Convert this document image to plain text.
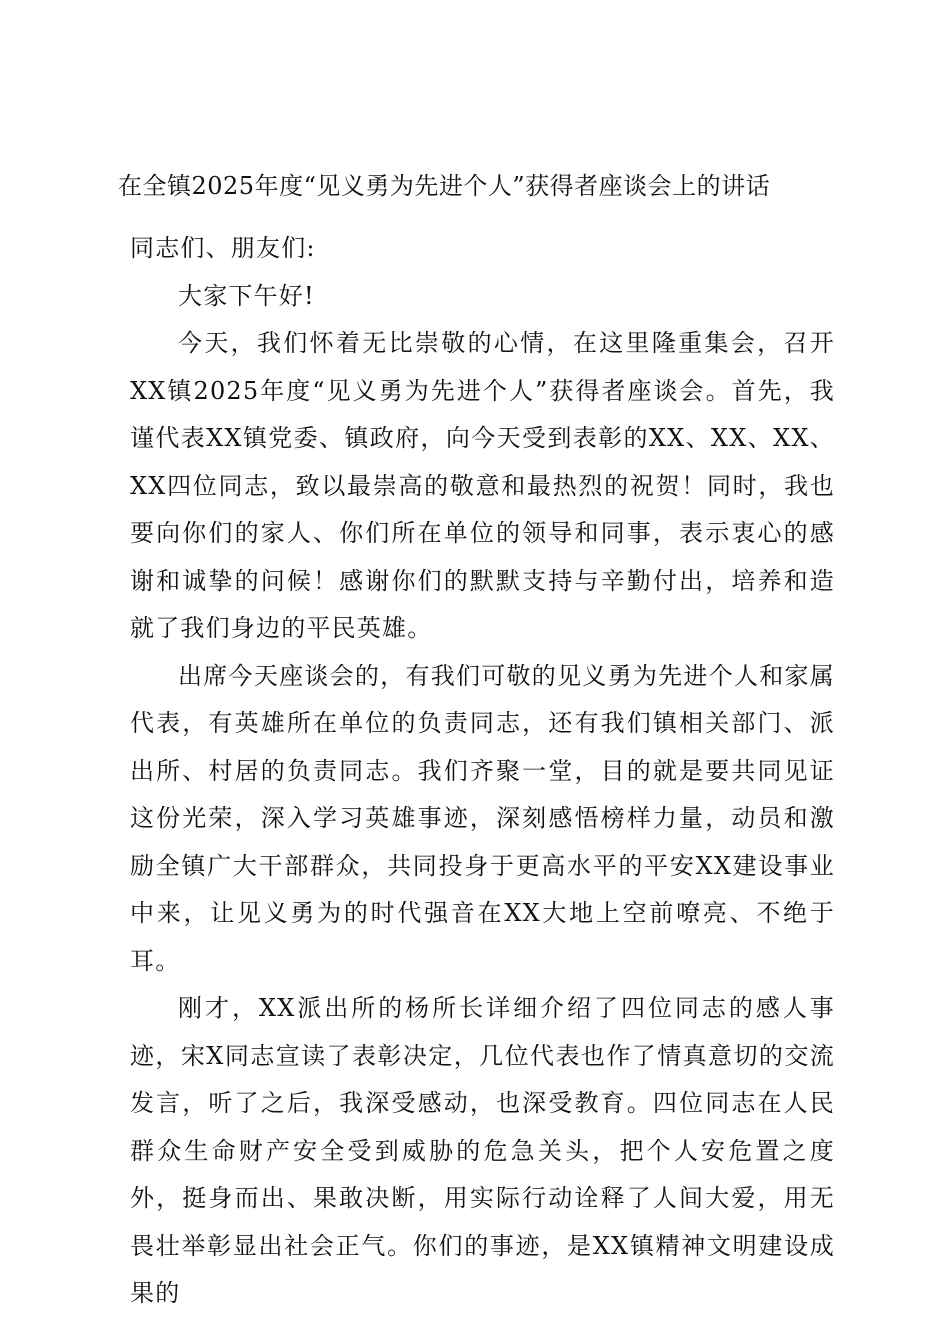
在全镇2025年度“见义勇为先进个人”获得者座谈会上的讲话

同志们、朋友们:

大家下午好!

今天，我们怀着无比崇敬的心情，在这里隆重集会，召开XX镇2025年度“见义勇为先进个人”获得者座谈会。首先，我谨代表XX镇党委、镇政府，向今天受到表彰的XX、XX、XX、XX四位同志，致以最崇高的敬意和最热烈的祝贺！同时，我也要向你们的家人、你们所在单位的领导和同事，表示衷心的感谢和诚挚的问候！感谢你们的默默支持与辛勤付出，培养和造就了我们身边的平民英雄。

出席今天座谈会的，有我们可敬的见义勇为先进个人和家属代表，有英雄所在单位的负责同志，还有我们镇相关部门、派出所、村居的负责同志。我们齐聚一堂，目的就是要共同见证这份光荣，深入学习英雄事迹，深刻感悟榜样力量，动员和激励全镇广大干部群众，共同投身于更高水平的平安XX建设事业中来，让见义勇为的时代强音在XX大地上空前嘹亮、不绝于耳。

刚才，XX派出所的杨所长详细介绍了四位同志的感人事迹，宋X同志宣读了表彰决定，几位代表也作了情真意切的交流发言，听了之后，我深受感动，也深受教育。四位同志在人民群众生命财产安全受到威胁的危急关头，把个人安危置之度外，挺身而出、果敢决断，用实际行动诠释了人间大爱，用无畏壮举彰显出社会正气。你们的事迹，是XX镇精神文明建设成果的
